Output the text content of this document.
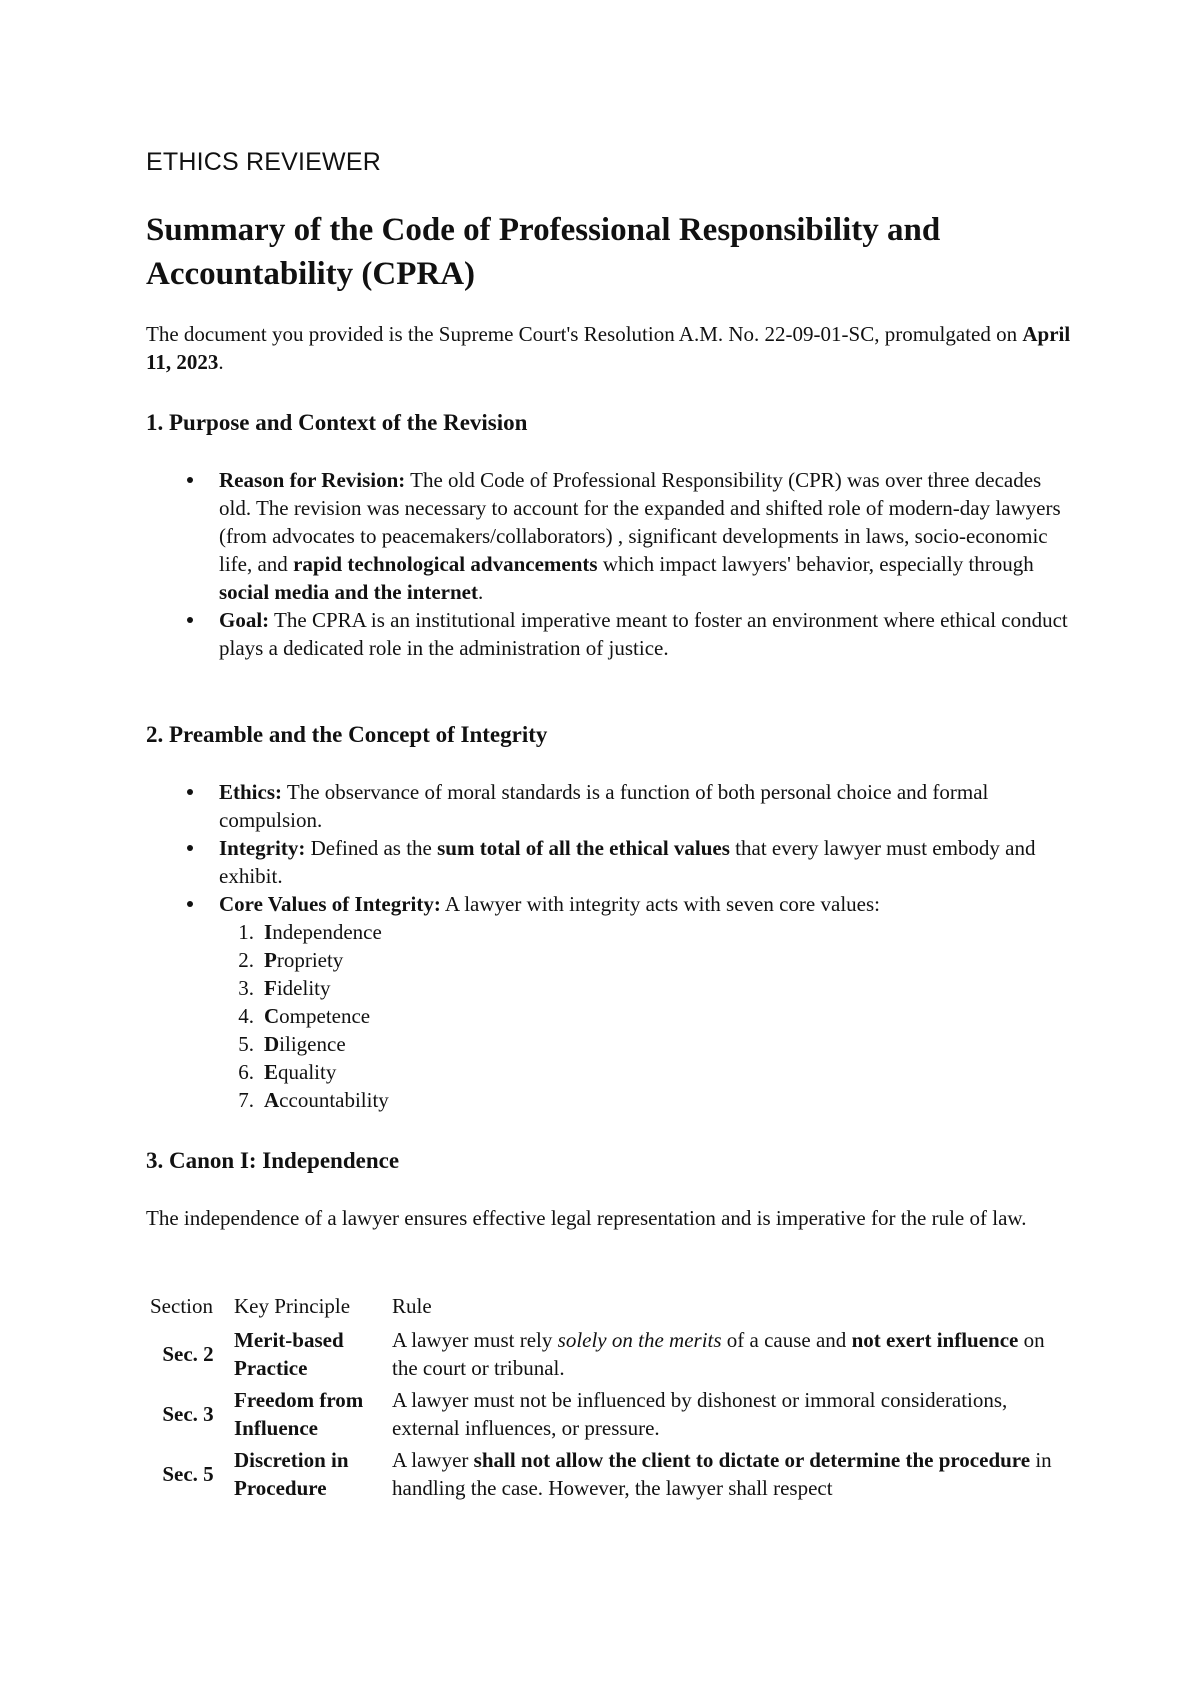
ETHICS REVIEWER
Summary of the Code of Professional Responsibility and Accountability (CPRA)

The document you provided is the Supreme Court's Resolution A.M. No. 22-09-01-SC, promulgated on April 11, 2023.

1. Purpose and Context of the Revision
Reason for Revision: The old Code of Professional Responsibility (CPR) was over three decades old. The revision was necessary to account for the expanded and shifted role of modern-day lawyers (from advocates to peacemakers/collaborators) , significant developments in laws, socio-economic life, and rapid technological advancements which impact lawyers' behavior, especially through social media and the internet.
Goal: The CPRA is an institutional imperative meant to foster an environment where ethical conduct plays a dedicated role in the administration of justice.
2. Preamble and the Concept of Integrity
Ethics: The observance of moral standards is a function of both personal choice and formal compulsion.
Integrity: Defined as the sum total of all the ethical values that every lawyer must embody and exhibit.
Core Values of Integrity: A lawyer with integrity acts with seven core values:
1. Independence
2. Propriety
3. Fidelity
4. Competence
5. Diligence
6. Equality
7. Accountability
3. Canon I: Independence

The independence of a lawyer ensures effective legal representation and is imperative for the rule of law.

Section	Key Principle	Rule
Sec. 2	Merit-based Practice	A lawyer must rely solely on the merits of a cause and not exert influence on the court or tribunal.
Sec. 3	Freedom from Influence	A lawyer must not be influenced by dishonest or immoral considerations, external influences, or pressure.
Sec. 5	Discretion in Procedure	A lawyer shall not allow the client to dictate or determine the procedure in handling the case. However, the lawyer shall respect
